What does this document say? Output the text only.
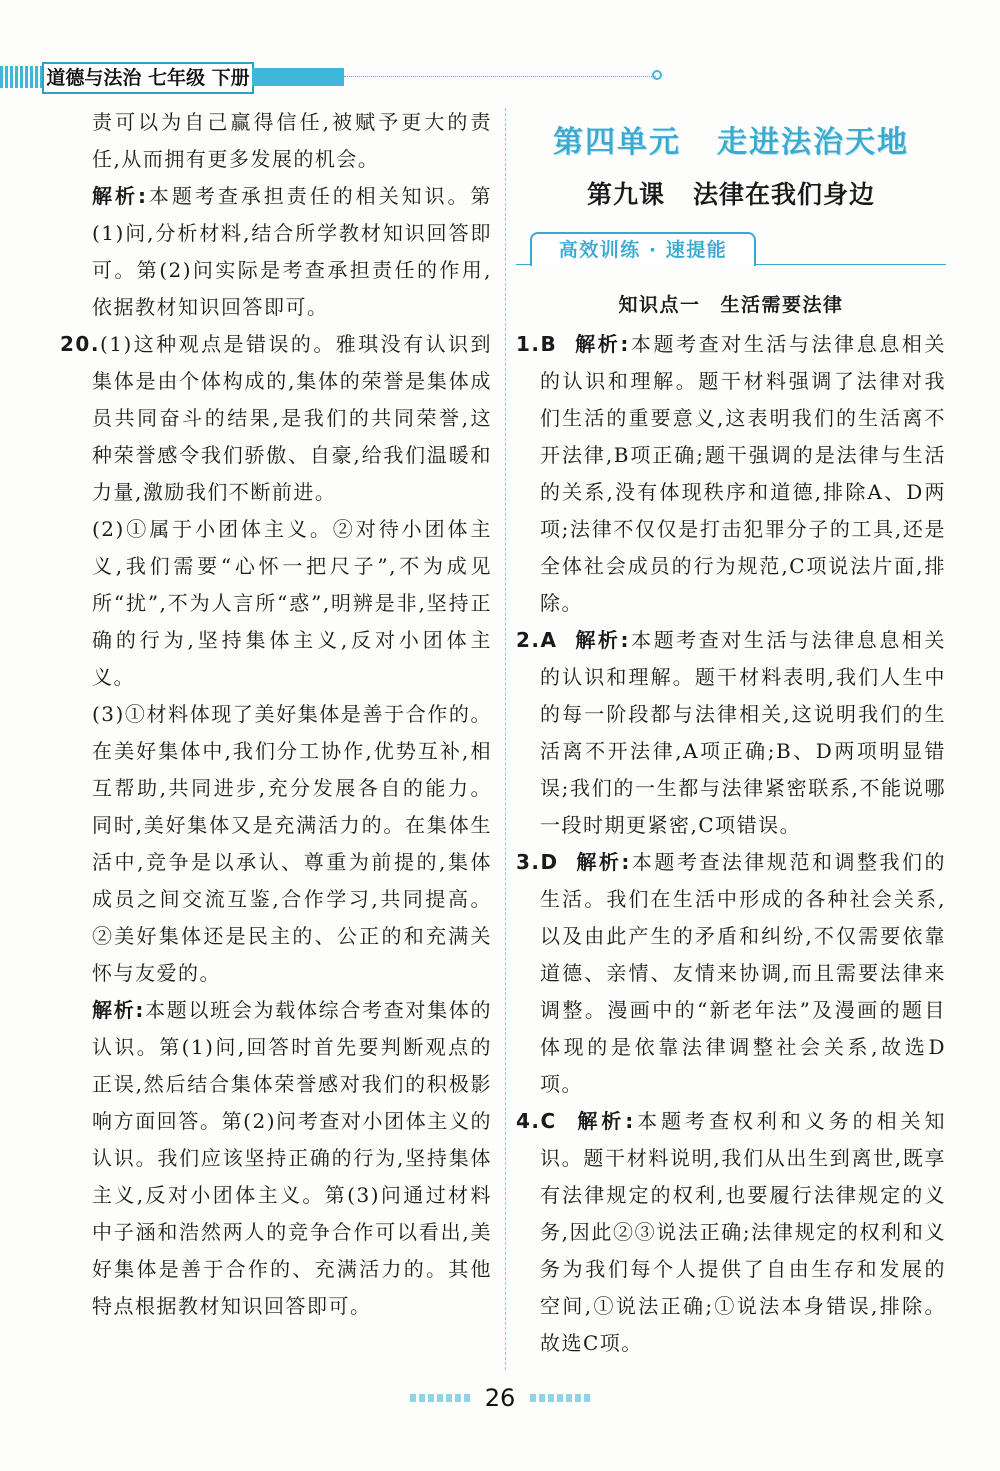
道德与法治 七年级 下册

责可以为自己赢得信任,被赋予更大的责任,从而拥有更多发展的机会。

解析:本题考查承担责任的相关知识。第(1)问,分析材料,结合所学教材知识回答即可。第(2)问实际是考查承担责任的作用,依据教材知识回答即可。

20.(1)这种观点是错误的。雅琪没有认识到集体是由个体构成的,集体的荣誉是集体成员共同奋斗的结果,是我们的共同荣誉,这种荣誉感令我们骄傲、自豪,给我们温暖和力量,激励我们不断前进。

(2)①属于小团体主义。②对待小团体主义,我们需要“心怀一把尺子”,不为成见所“扰”,不为人言所“惑”,明辨是非,坚持正确的行为,坚持集体主义,反对小团体主义。

(3)①材料体现了美好集体是善于合作的。在美好集体中,我们分工协作,优势互补,相互帮助,共同进步,充分发展各自的能力。同时,美好集体又是充满活力的。在集体生活中,竞争是以承认、尊重为前提的,集体成员之间交流互鉴,合作学习,共同提高。②美好集体还是民主的、公正的和充满关怀与友爱的。

解析:本题以班会为载体综合考查对集体的认识。第(1)问,回答时首先要判断观点的正误,然后结合集体荣誉感对我们的积极影响方面回答。第(2)问考查对小团体主义的认识。我们应该坚持正确的行为,坚持集体主义,反对小团体主义。第(3)问通过材料中子涵和浩然两人的竞争合作可以看出,美好集体是善于合作的、充满活力的。其他特点根据教材知识回答即可。

第四单元 走进法治天地
第九课 法律在我们身边
高效训练 · 速提能
知识点一 生活需要法律

1.B 解析:本题考查对生活与法律息息相关的认识和理解。题干材料强调了法律对我们生活的重要意义,这表明我们的生活离不开法律,B项正确;题干强调的是法律与生活的关系,没有体现秩序和道德,排除A、D两项;法律不仅仅是打击犯罪分子的工具,还是全体社会成员的行为规范,C项说法片面,排除。

2.A 解析:本题考查对生活与法律息息相关的认识和理解。题干材料表明,我们人生中的每一阶段都与法律相关,这说明我们的生活离不开法律,A项正确;B、D两项明显错误;我们的一生都与法律紧密联系,不能说哪一段时期更紧密,C项错误。

3.D 解析:本题考查法律规范和调整我们的生活。我们在生活中形成的各种社会关系,以及由此产生的矛盾和纠纷,不仅需要依靠道德、亲情、友情来协调,而且需要法律来调整。漫画中的“新老年法”及漫画的题目体现的是依靠法律调整社会关系,故选D项。

4.C 解析:本题考查权利和义务的相关知识。题干材料说明,我们从出生到离世,既享有法律规定的权利,也要履行法律规定的义务,因此②③说法正确;法律规定的权利和义务为我们每个人提供了自由生存和发展的空间,①说法正确;①说法本身错误,排除。故选C项。

26
